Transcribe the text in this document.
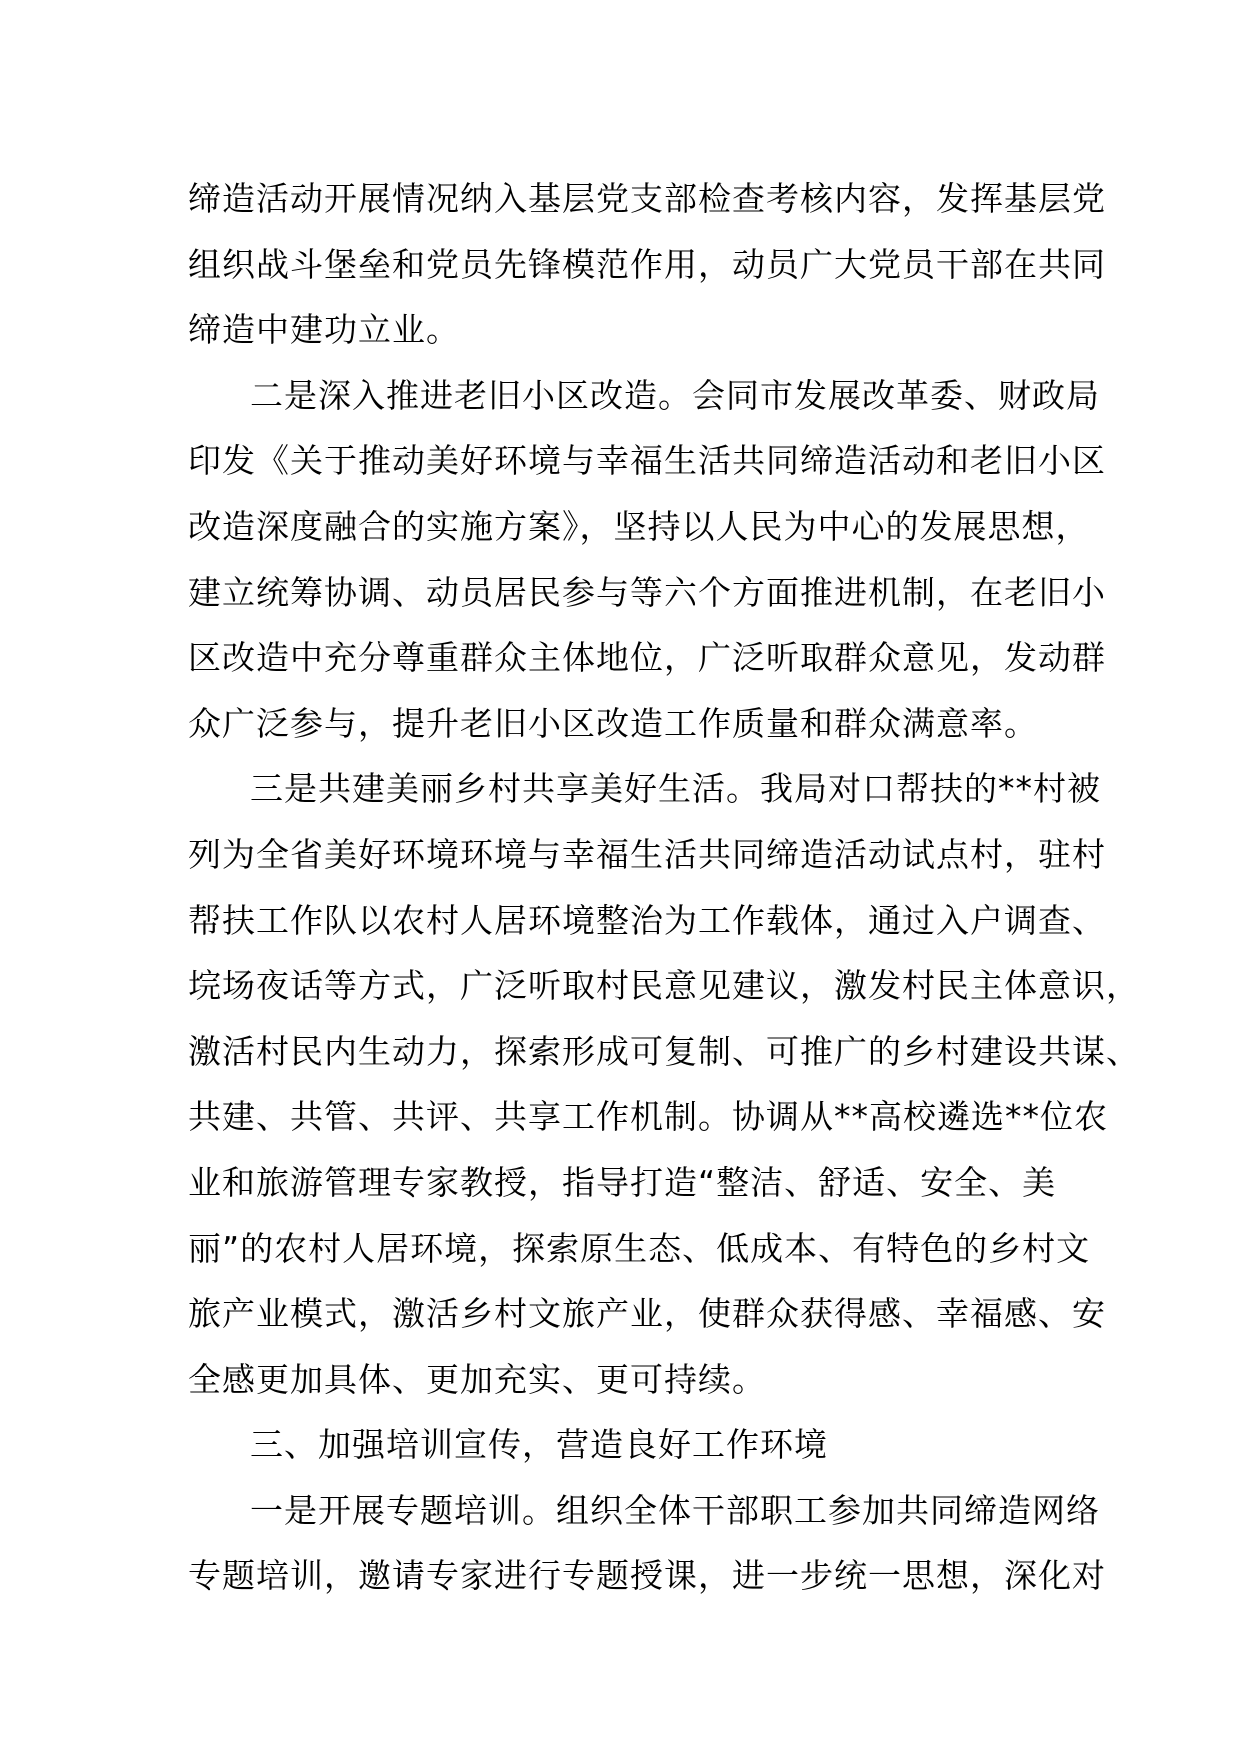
缔造活动开展情况纳入基层党支部检查考核内容，发挥基层党
组织战斗堡垒和党员先锋模范作用，动员广大党员干部在共同
缔造中建功立业。
二是深入推进老旧小区改造。会同市发展改革委、财政局
印发《关于推动美好环境与幸福生活共同缔造活动和老旧小区
改造深度融合的实施方案》，坚持以人民为中心的发展思想，
建立统筹协调、动员居民参与等六个方面推进机制，在老旧小
区改造中充分尊重群众主体地位，广泛听取群众意见，发动群
众广泛参与，提升老旧小区改造工作质量和群众满意率。
三是共建美丽乡村共享美好生活。我局对口帮扶的**村被
列为全省美好环境环境与幸福生活共同缔造活动试点村，驻村
帮扶工作队以农村人居环境整治为工作载体，通过入户调查、
垸场夜话等方式，广泛听取村民意见建议，激发村民主体意识，
激活村民内生动力，探索形成可复制、可推广的乡村建设共谋、
共建、共管、共评、共享工作机制。协调从**高校遴选**位农
业和旅游管理专家教授，指导打造“整洁、舒适、安全、美
丽”的农村人居环境，探索原生态、低成本、有特色的乡村文
旅产业模式，激活乡村文旅产业，使群众获得感、幸福感、安
全感更加具体、更加充实、更可持续。
三、加强培训宣传，营造良好工作环境
一是开展专题培训。组织全体干部职工参加共同缔造网络
专题培训，邀请专家进行专题授课，进一步统一思想，深化对
